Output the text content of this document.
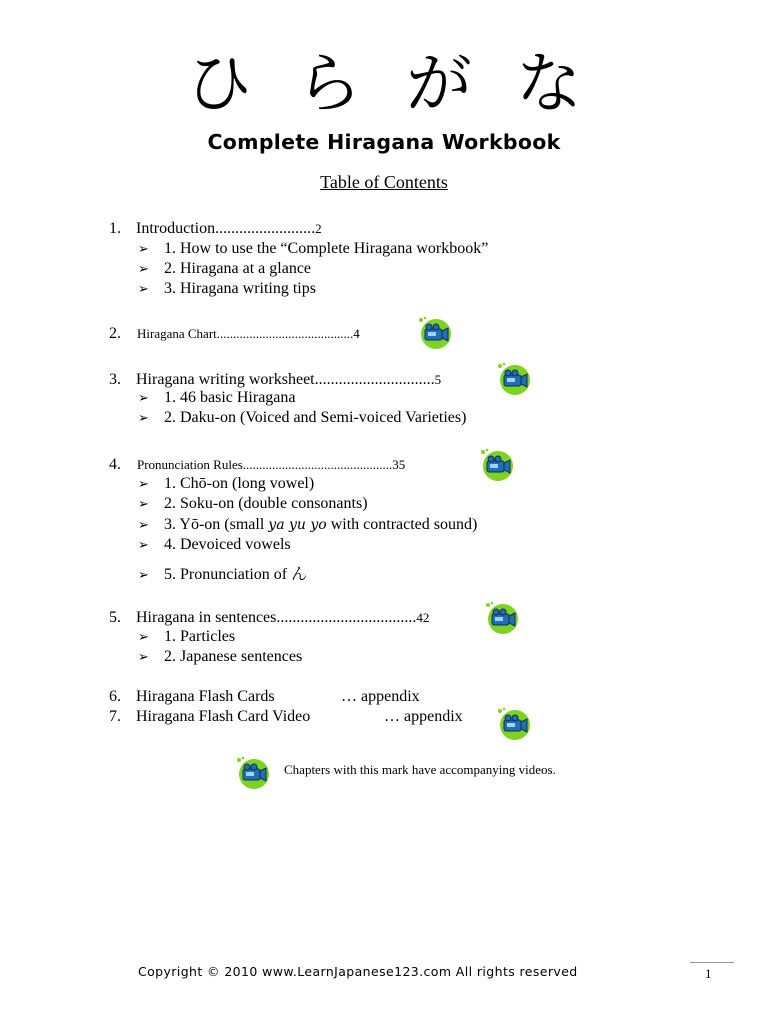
ひらがな
Complete Hiragana Workbook
Table of Contents
1. Introduction.........................2
➢ 1. How to use the “Complete Hiragana workbook”
➢ 2. Hiragana at a glance
➢ 3. Hiragana writing tips
2. Hiragana Chart..........................................4
3. Hiragana writing worksheet..............................5
➢ 1. 46 basic Hiragana
➢ 2. Daku-on (Voiced and Semi-voiced Varieties)
4. Pronunciation Rules..............................................35
➢ 1. Chō-on (long vowel)
➢ 2. Soku-on (double consonants)
➢ 3. Yō-on (small ya yu yo with contracted sound)
➢ 4. Devoiced vowels
➢ 5. Pronunciation of ん
5. Hiragana in sentences...................................42
➢ 1. Particles
➢ 2. Japanese sentences
6. Hiragana Flash Cards	… appendix
7. Hiragana Flash Card Video	… appendix
Chapters with this mark have accompanying videos.
Copyright © 2010 www.LearnJapanese123.com All rights reserved	1
